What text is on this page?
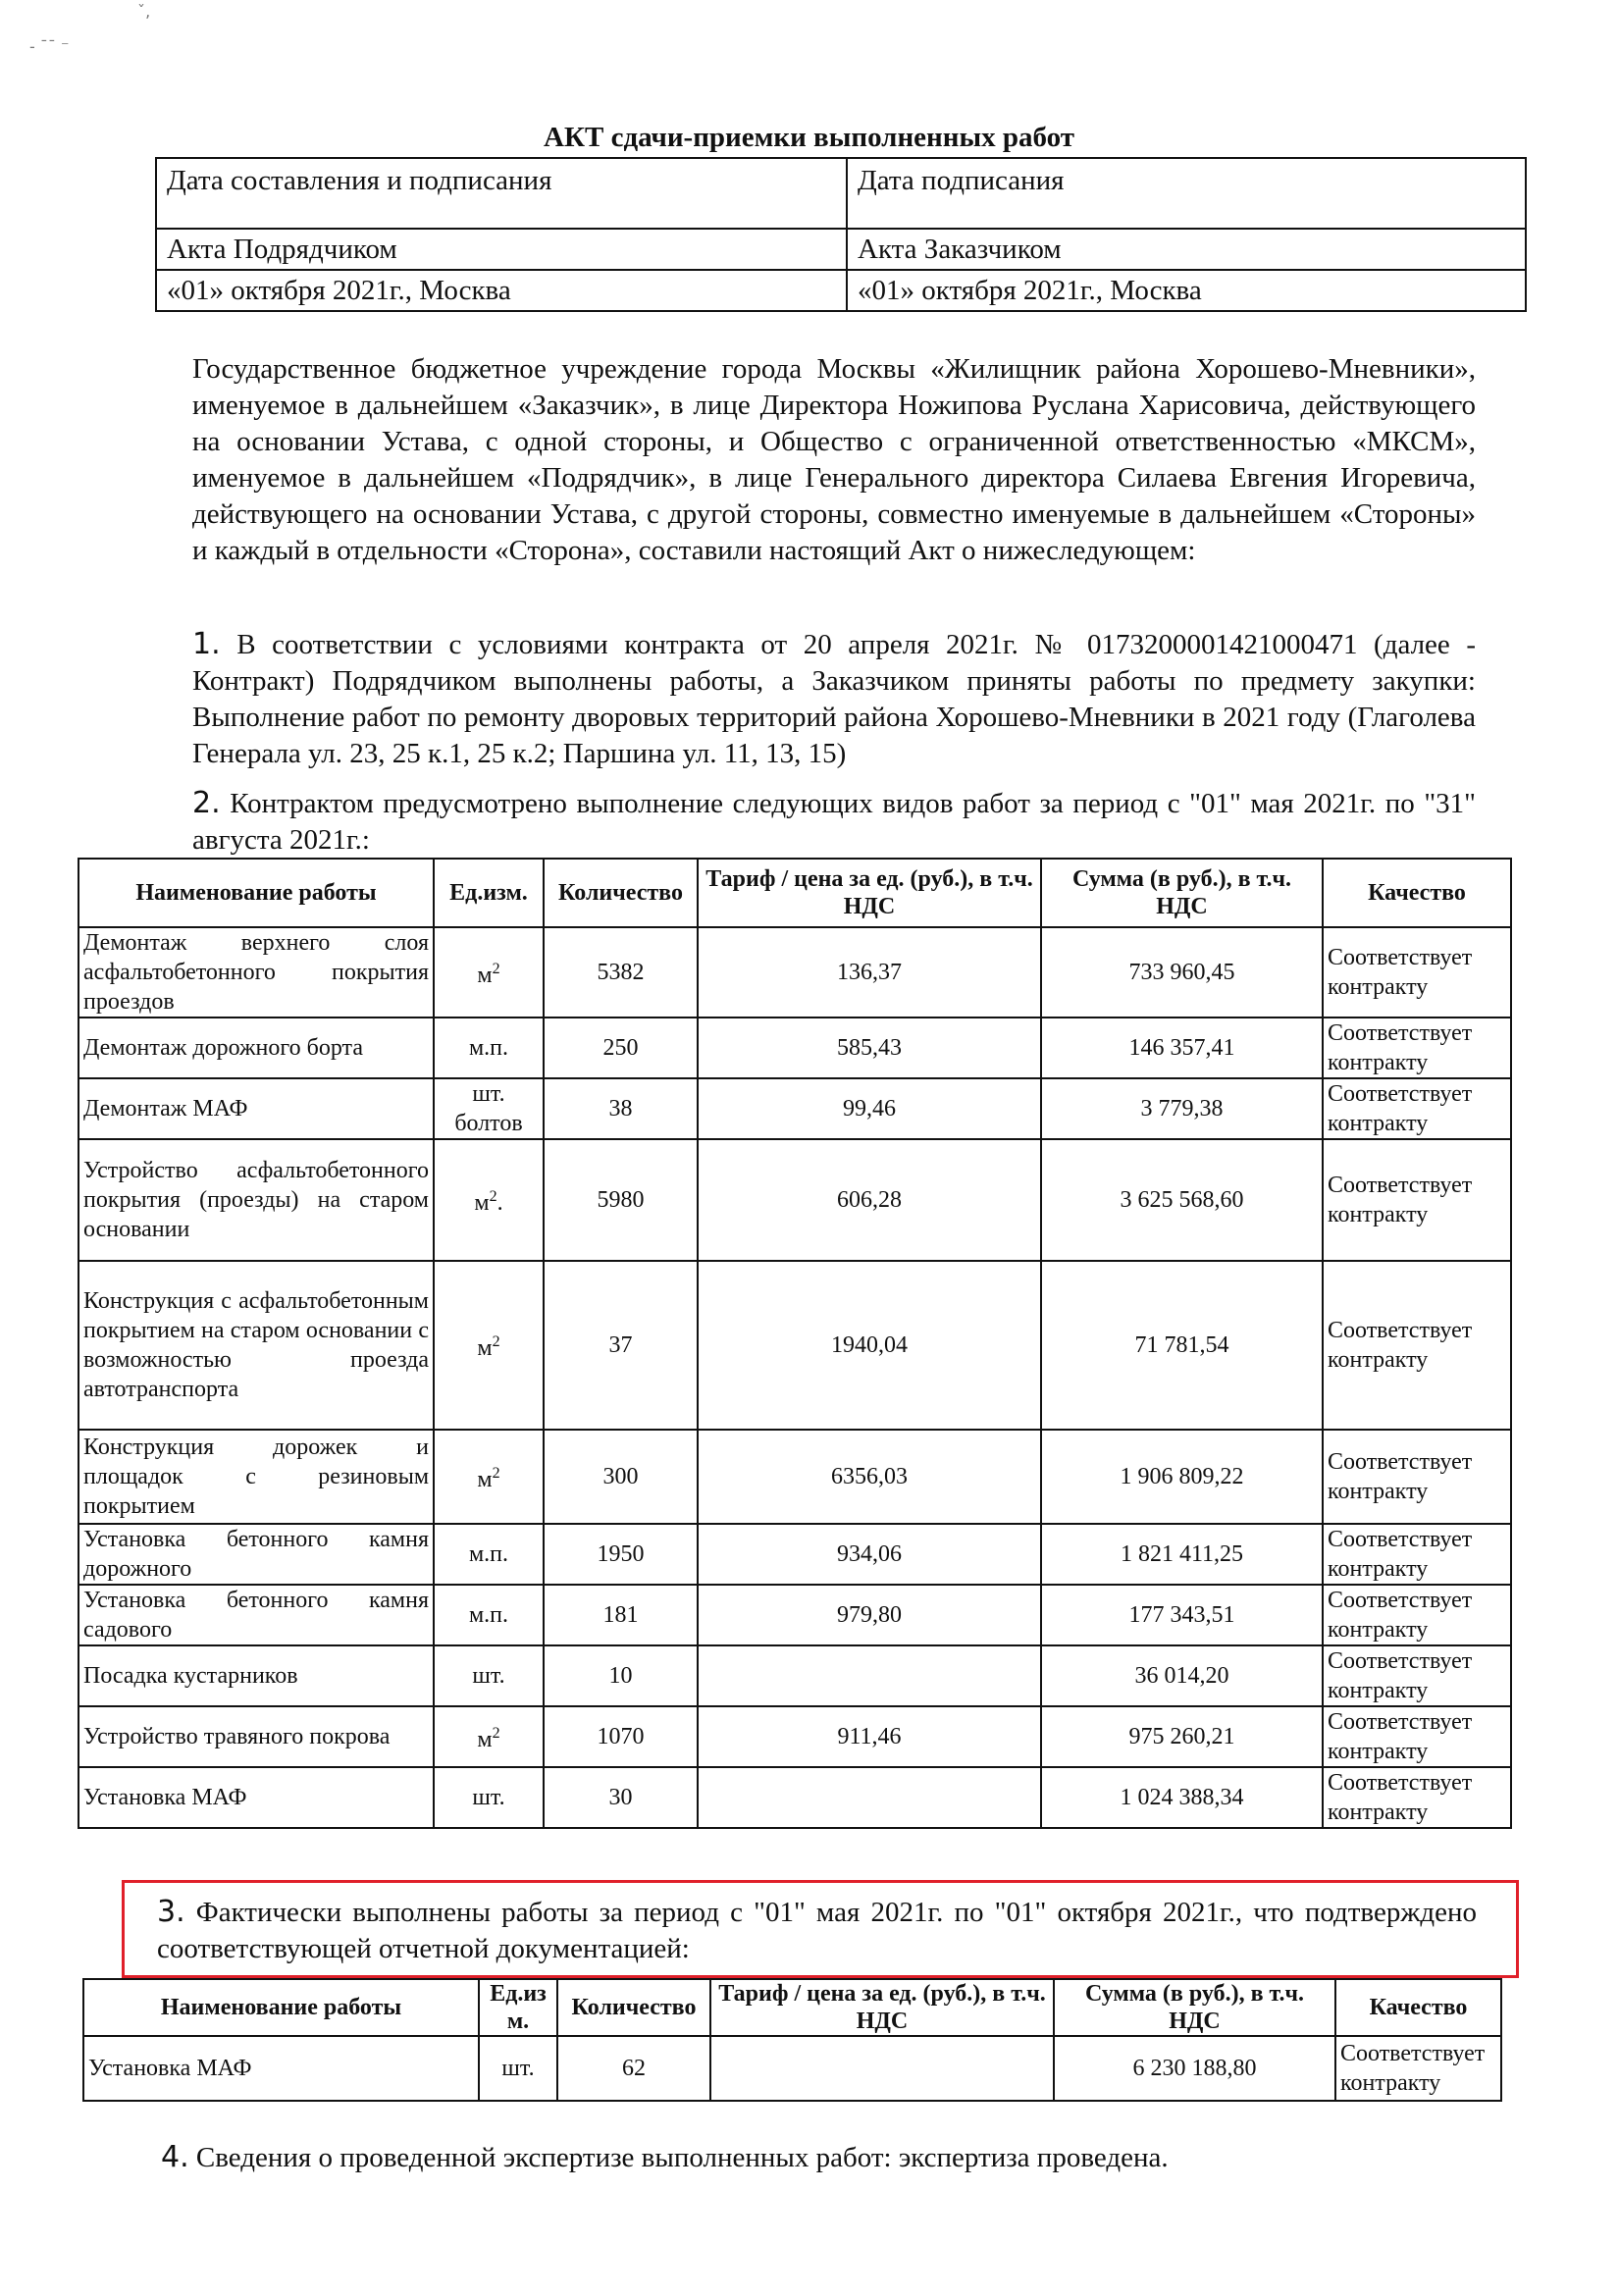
ˇ‚
- ˉˉ ⁻
АКТ сдачи-приемки выполненных работ
Дата составления и подписания	Дата подписания
Акта Подрядчиком	Акта Заказчиком
«01» октября 2021г., Москва	«01» октября 2021г., Москва
Государственное бюджетное учреждение города Москвы «Жилищник района Хорошево-Мневники», именуемое в дальнейшем «Заказчик», в лице Директора Ножипова Руслана Харисовича, действующего на основании Устава, с одной стороны, и Общество с ограниченной ответственностью «МКСМ», именуемое в дальнейшем «Подрядчик», в лице Генерального директора Силаева Евгения Игоревича, действующего на основании Устава, с другой стороны, совместно именуемые в дальнейшем «Стороны» и каждый в отдельности «Сторона», составили настоящий Акт о нижеследующем:
1. В соответствии с условиями контракта от 20 апреля 2021г. № 0173200001421000471 (далее - Контракт) Подрядчиком выполнены работы, а Заказчиком приняты работы по предмету закупки: Выполнение работ по ремонту дворовых территорий района Хорошево-Мневники в 2021 году (Глаголева Генерала ул. 23, 25 к.1, 25 к.2; Паршина ул. 11, 13, 15)
2. Контрактом предусмотрено выполнение следующих видов работ за период с "01" мая 2021г. по "31" августа 2021г.:
Наименование работы	Ед.изм.	Количество	Тариф / цена за ед. (руб.), в т.ч. НДС	Сумма (в руб.), в т.ч. НДС	Качество
Демонтаж верхнего слоя асфальтобетонного покрытия проездов	$м^2$	5382	136,37	733 960,45	Соответствует контракту
Демонтаж дорожного борта	м.п.	250	585,43	146 357,41	Соответствует контракту
Демонтаж МАФ	шт. болтов	38	99,46	3 779,38	Соответствует контракту
Устройство асфальтобетонного покрытия (проезды) на старом основании	$м^2$.	5980	606,28	3 625 568,60	Соответствует контракту
Конструкция с асфальтобетонным покрытием на старом основании с возможностью проезда автотранспорта	$м^2$	37	1940,04	71 781,54	Соответствует контракту
Конструкция дорожек и площадок с резиновым покрытием	$м^2$	300	6356,03	1 906 809,22	Соответствует контракту
Установка бетонного камня дорожного	м.п.	1950	934,06	1 821 411,25	Соответствует контракту
Установка бетонного камня садового	м.п.	181	979,80	177 343,51	Соответствует контракту
Посадка кустарников	шт.	10		36 014,20	Соответствует контракту
Устройство травяного покрова	$м^2$	1070	911,46	975 260,21	Соответствует контракту
Установка МАФ	шт.	30		1 024 388,34	Соответствует контракту
3. Фактически выполнены работы за период с "01" мая 2021г. по "01" октября 2021г., что подтверждено соответствующей отчетной документацией:
Наименование работы	Ед.из м.	Количество	Тариф / цена за ед. (руб.), в т.ч. НДС	Сумма (в руб.), в т.ч. НДС	Качество
Установка МАФ	шт.	62		6 230 188,80	Соответствует контракту
4. Сведения о проведенной экспертизе выполненных работ: экспертиза проведена.
